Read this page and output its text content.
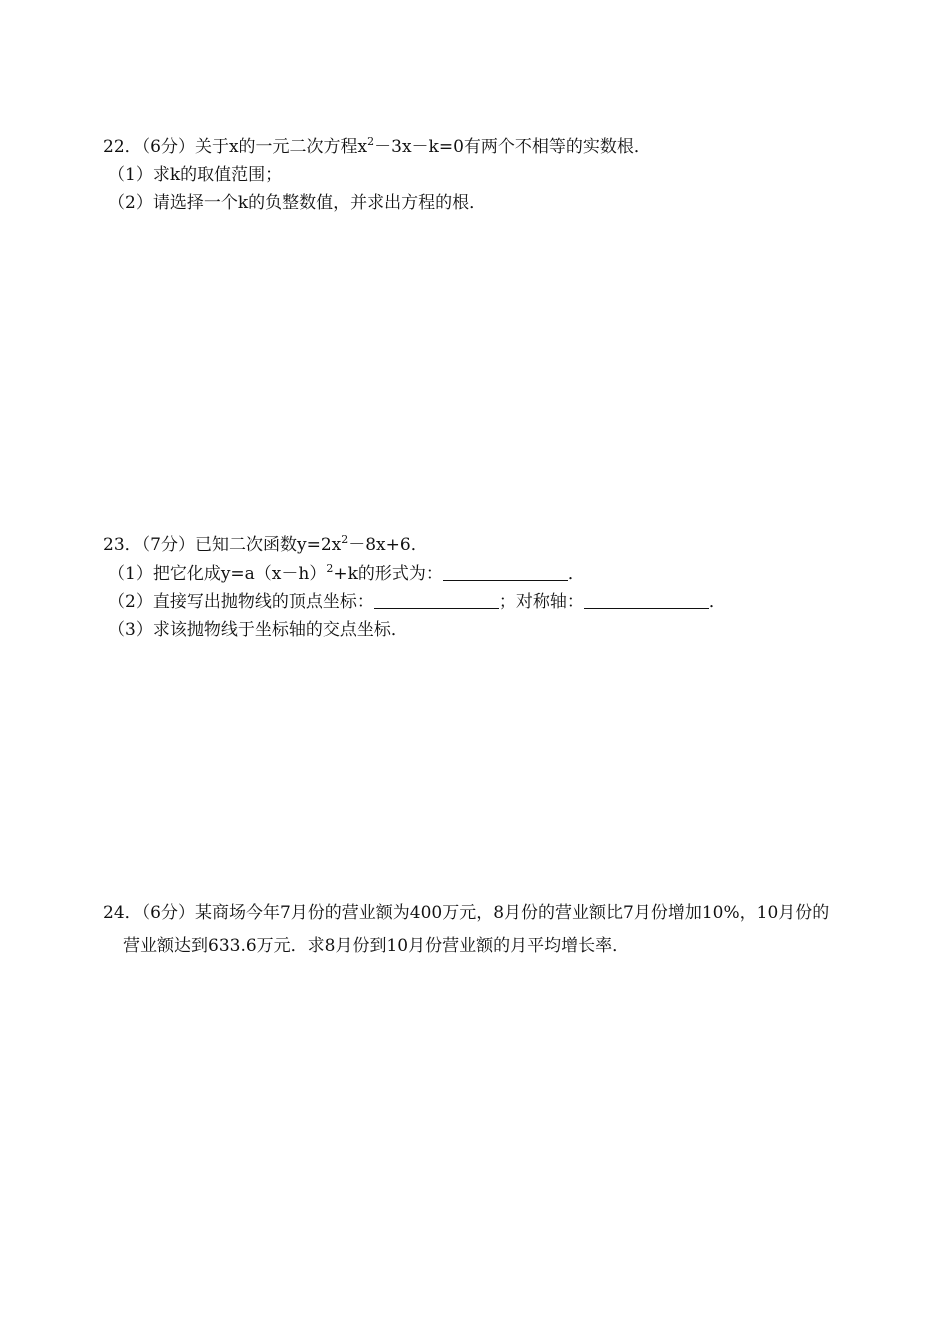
22．（6分）关于x的一元二次方程$x^2-3x-k=0$有两个不相等的实数根．
（1）求k的取值范围；
（2）请选择一个k的负整数值，并求出方程的根．
23．（7分）已知二次函数$y=2x^2-8x+6$．
（1）把它化成$y=a(x-h)^2+k$的形式为：	．
（2）直接写出抛物线的顶点坐标：	；对称轴：	．
（3）求该抛物线于坐标轴的交点坐标．
24．（6分）某商场今年7月份的营业额为400万元，8月份的营业额比7月份增加10%，10月份的
营业额达到633.6万元．求8月份到10月份营业额的月平均增长率．
